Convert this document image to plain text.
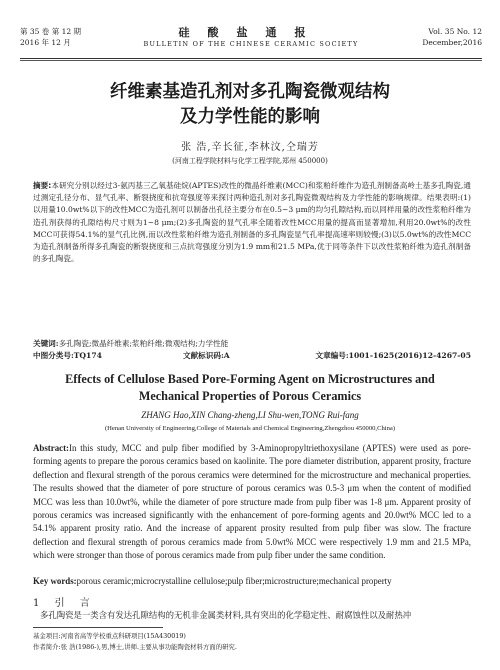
第 35 卷 第 12 期
2016 年 12 月
硅酸盐通报
BULLETIN OF THE CHINESE CERAMIC SOCIETY
Vol. 35 No. 12
December,2016
纤维素基造孔剂对多孔陶瓷微观结构
及力学性能的影响
张 浩,辛长征,李林汶,仝瑞芳
(河南工程学院材料与化学工程学院,郑州 450000)
摘要:本研究分别以经过3-氨丙基三乙氧基硅烷(APTES)改性的微晶纤维素(MCC)和浆粕纤维作为造孔剂制备高岭土基多孔陶瓷,通过测定孔径分布、显气孔率、断裂挠度和抗弯强度等来探讨两种造孔剂对多孔陶瓷微观结构及力学性能的影响规律。结果表明:(1)以用量10.0wt%以下的改性MCC为造孔剂可以制备出孔径主要分布在0.5~3 μm的均匀孔隙结构,而以同样用量的改性浆粕纤维为造孔剂获得的孔隙结构尺寸则为1~8 μm;(2)多孔陶瓷的显气孔率全随着改性MCC用量的提高而显著增加,利用20.0wt%的改性MCC可获得54.1%的显气孔比例,而以改性浆粕纤维为造孔剂制备的多孔陶瓷显气孔率提高速率则较慢;(3)以5.0wt%的改性MCC为造孔剂制备所得多孔陶瓷的断裂挠度和三点抗弯强度分别为1.9 mm和21.5 MPa,优于同等条件下以改性浆粕纤维为造孔剂制备的多孔陶瓷。
关键词:多孔陶瓷;微晶纤维素;浆粕纤维;微观结构;力学性能
中图分类号:TQ174	文献标识码:A	文章编号:1001-1625(2016)12-4267-05
Effects of Cellulose Based Pore-Forming Agent on Microstructures and
Mechanical Properties of Porous Ceramics
ZHANG Hao,XIN Chang-zheng,LI Shu-wen,TONG Rui-fang
(Henan University of Engineering,College of Materials and Chemical Engineering,Zhengzhou 450000,China)
Abstract:In this study, MCC and pulp fiber modified by 3-Aminopropyltriethoxysilane (APTES) were used as pore-forming agents to prepare the porous ceramics based on kaolinite. The pore diameter distribution, apparent prosity, fracture deflection and flexural strength of the porous ceramics were determined for the microstructure and mechanical properties. The results showed that the diameter of pore structure of porous ceramics was 0.5-3 μm when the content of modified MCC was less than 10.0wt%, while the diameter of pore structure made from pulp fiber was 1-8 μm. Apparent prosity of porous ceramics was increased significantly with the enhancement of pore-forming agents and 20.0wt% MCC led to a 54.1% apparent prosity ratio. And the increase of apparent prosity resulted from pulp fiber was slow. The fracture deflection and flexural strength of porous ceramics made from 5.0wt% MCC were respectively 1.9 mm and 21.5 MPa, which were stronger than those of porous ceramics made from pulp fiber under the same condition.
Key words:porous ceramic;microcrystalline cellulose;pulp fiber;microstructure;mechanical property
1 引 言
多孔陶瓷是一类含有发达孔隙结构的无机非金属类材料,具有突出的化学稳定性、耐腐蚀性以及耐热冲
基金项目:河南省高等学校重点科研项目(15A430019)
作者简介:张 浩(1986-),男,博士,讲师.主要从事功能陶瓷材料方面的研究.
